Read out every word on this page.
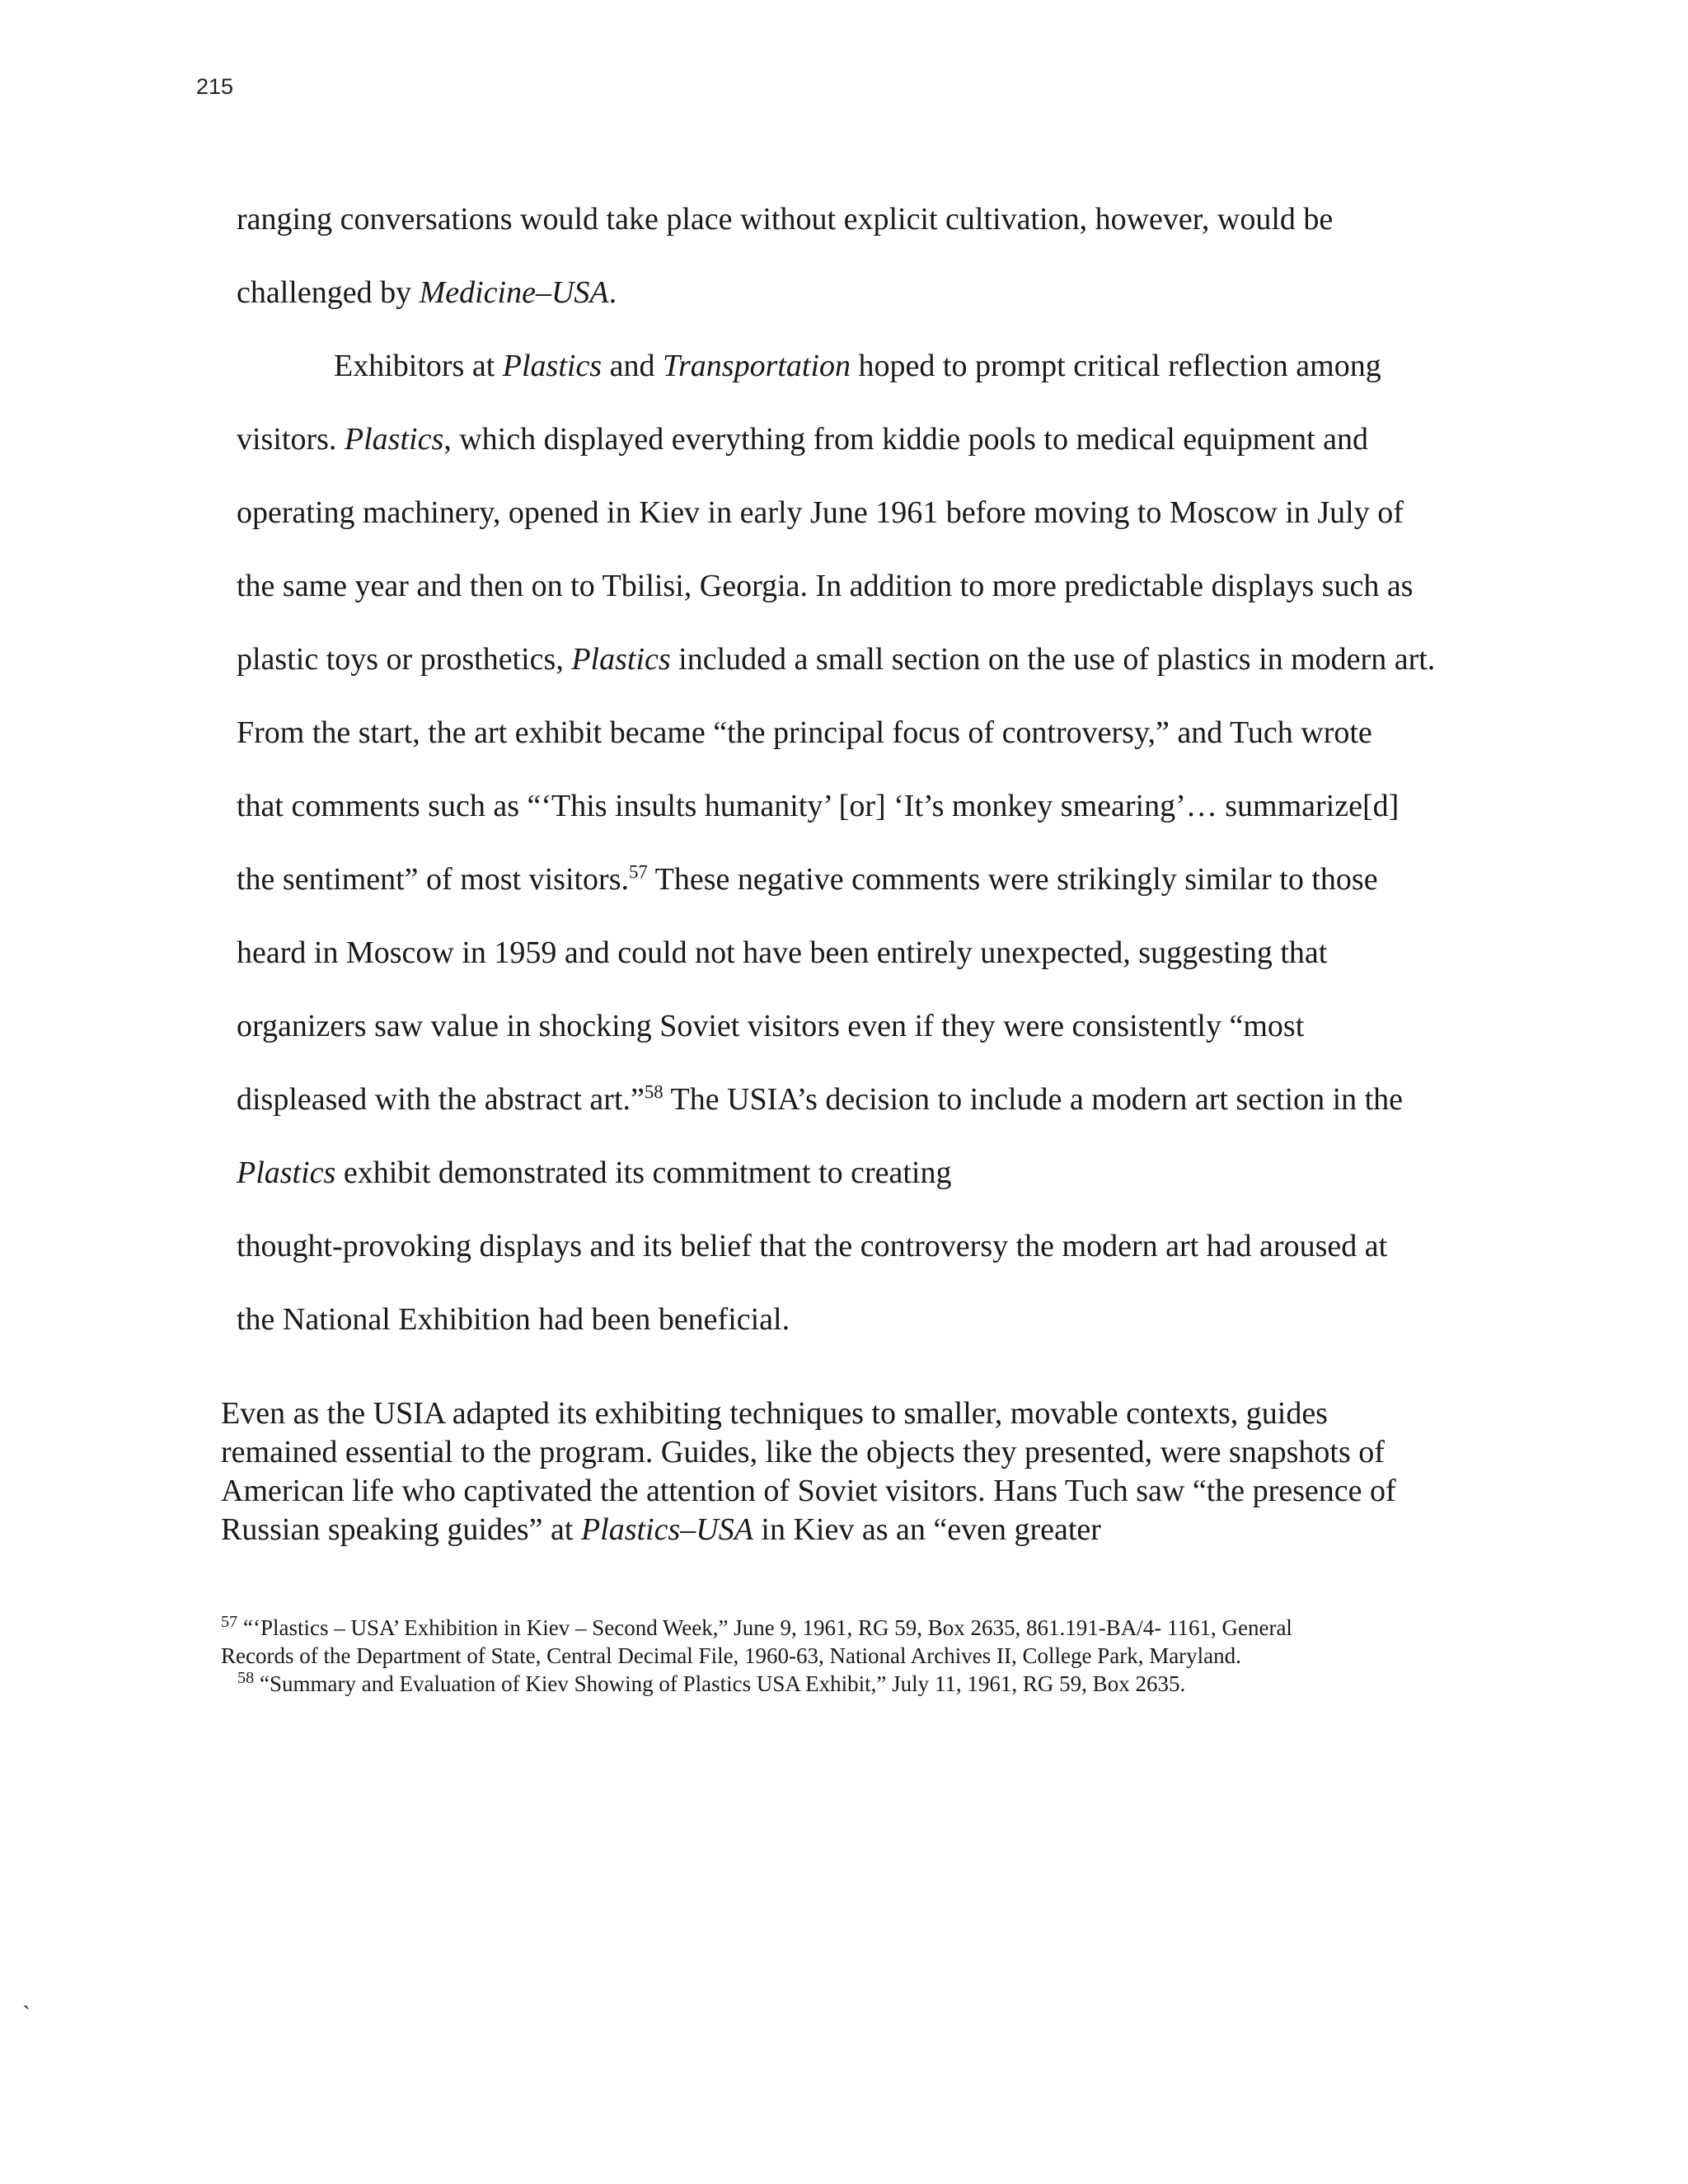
215
ranging conversations would take place without explicit cultivation, however, would be
challenged by Medicine–USA.
Exhibitors at Plastics and Transportation hoped to prompt critical reflection among
visitors. Plastics, which displayed everything from kiddie pools to medical equipment and
operating machinery, opened in Kiev in early June 1961 before moving to Moscow in July of
the same year and then on to Tbilisi, Georgia. In addition to more predictable displays such as
plastic toys or prosthetics, Plastics included a small section on the use of plastics in modern art.
From the start, the art exhibit became “the principal focus of controversy,” and Tuch wrote
that comments such as “‘This insults humanity’ [or] ‘It’s monkey smearing’… summarize[d]
the sentiment” of most visitors.$^{57}$ These negative comments were strikingly similar to those
heard in Moscow in 1959 and could not have been entirely unexpected, suggesting that
organizers saw value in shocking Soviet visitors even if they were consistently “most
displeased with the abstract art.”$^{58}$ The USIA’s decision to include a modern art section in the
Plastics exhibit demonstrated its commitment to creating
thought-provoking displays and its belief that the controversy the modern art had aroused at
the National Exhibition had been beneficial.
Even as the USIA adapted its exhibiting techniques to smaller, movable contexts, guides
remained essential to the program. Guides, like the objects they presented, were snapshots of
American life who captivated the attention of Soviet visitors. Hans Tuch saw “the presence of
Russian speaking guides” at Plastics–USA in Kiev as an “even greater
$^{57}$ “‘Plastics – USA’ Exhibition in Kiev – Second Week,” June 9, 1961, RG 59, Box 2635, 861.191-BA/4- 1161, General
Records of the Department of State, Central Decimal File, 1960-63, National Archives II, College Park, Maryland.
$^{58}$ “Summary and Evaluation of Kiev Showing of Plastics USA Exhibit,” July 11, 1961, RG 59, Box 2635.
`
